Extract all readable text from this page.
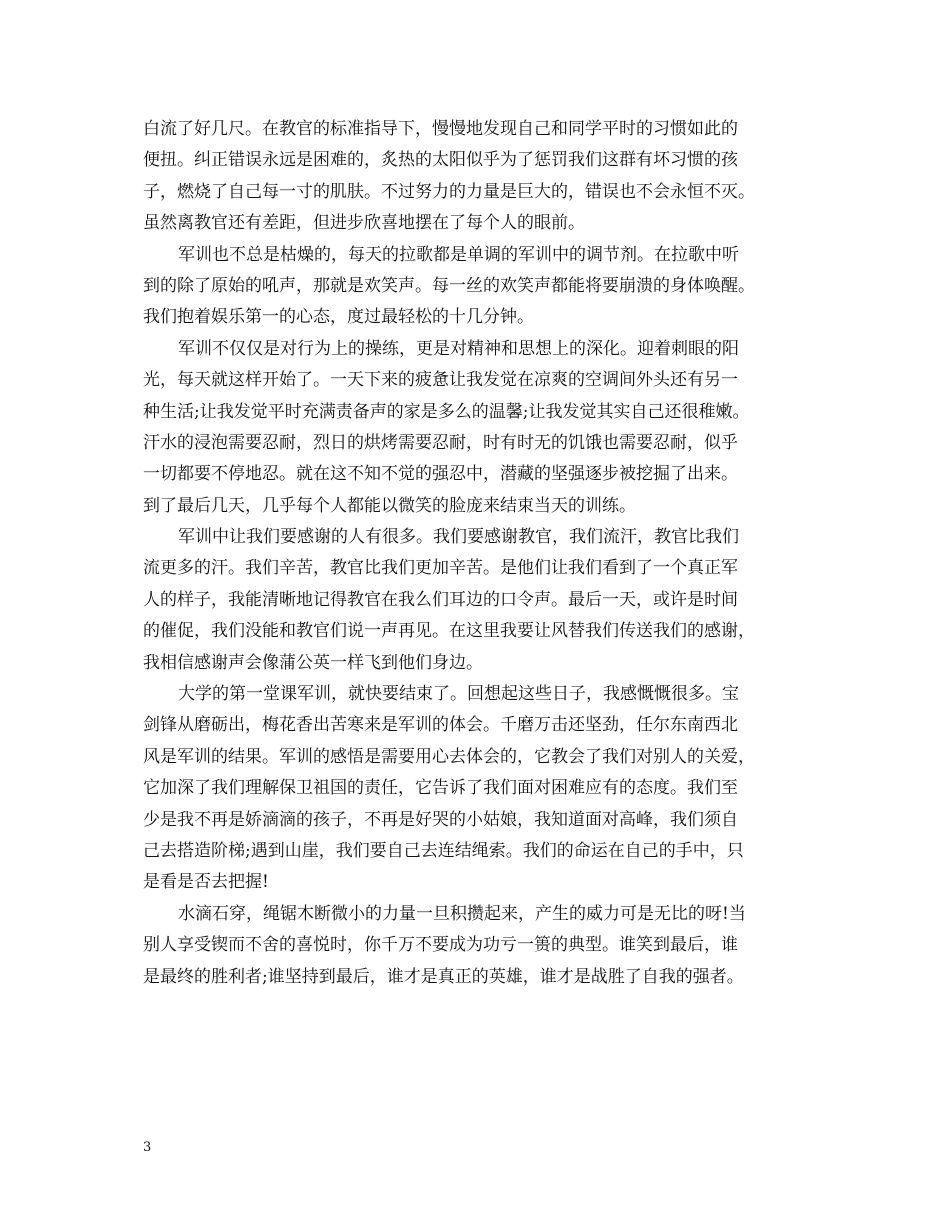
白流了好几尺。在教官的标准指导下，慢慢地发现自己和同学平时的习惯如此的
便扭。纠正错误永远是困难的，炙热的太阳似乎为了惩罚我们这群有坏习惯的孩
子，燃烧了自己每一寸的肌肤。不过努力的力量是巨大的，错误也不会永恒不灭。
虽然离教官还有差距，但进步欣喜地摆在了每个人的眼前。

军训也不总是枯燥的，每天的拉歌都是单调的军训中的调节剂。在拉歌中听
到的除了原始的吼声，那就是欢笑声。每一丝的欢笑声都能将要崩溃的身体唤醒。
我们抱着娱乐第一的心态，度过最轻松的十几分钟。

军训不仅仅是对行为上的操练，更是对精神和思想上的深化。迎着刺眼的阳
光，每天就这样开始了。一天下来的疲惫让我发觉在凉爽的空调间外头还有另一
种生活;让我发觉平时充满责备声的家是多么的温馨;让我发觉其实自己还很稚嫩。
汗水的浸泡需要忍耐，烈日的烘烤需要忍耐，时有时无的饥饿也需要忍耐，似乎
一切都要不停地忍。就在这不知不觉的强忍中，潜藏的坚强逐步被挖掘了出来。
到了最后几天，几乎每个人都能以微笑的脸庞来结束当天的训练。

军训中让我们要感谢的人有很多。我们要感谢教官，我们流汗，教官比我们
流更多的汗。我们辛苦，教官比我们更加辛苦。是他们让我们看到了一个真正军
人的样子，我能清晰地记得教官在我么们耳边的口令声。最后一天，或许是时间
的催促，我们没能和教官们说一声再见。在这里我要让风替我们传送我们的感谢，
我相信感谢声会像蒲公英一样飞到他们身边。

大学的第一堂课军训，就快要结束了。回想起这些日子，我感慨慨很多。宝
剑锋从磨砺出，梅花香出苦寒来是军训的体会。千磨万击还坚劲，任尔东南西北
风是军训的结果。军训的感悟是需要用心去体会的，它教会了我们对别人的关爱，
它加深了我们理解保卫祖国的责任，它告诉了我们面对困难应有的态度。我们至
少是我不再是娇滴滴的孩子，不再是好哭的小姑娘，我知道面对高峰，我们须自
己去搭造阶梯;遇到山崖，我们要自己去连结绳索。我们的命运在自己的手中，只
是看是否去把握!

水滴石穿，绳锯木断微小的力量一旦积攒起来，产生的威力可是无比的呀!当
别人享受锲而不舍的喜悦时，你千万不要成为功亏一篑的典型。谁笑到最后，谁
是最终的胜利者;谁坚持到最后，谁才是真正的英雄，谁才是战胜了自我的强者。

3
